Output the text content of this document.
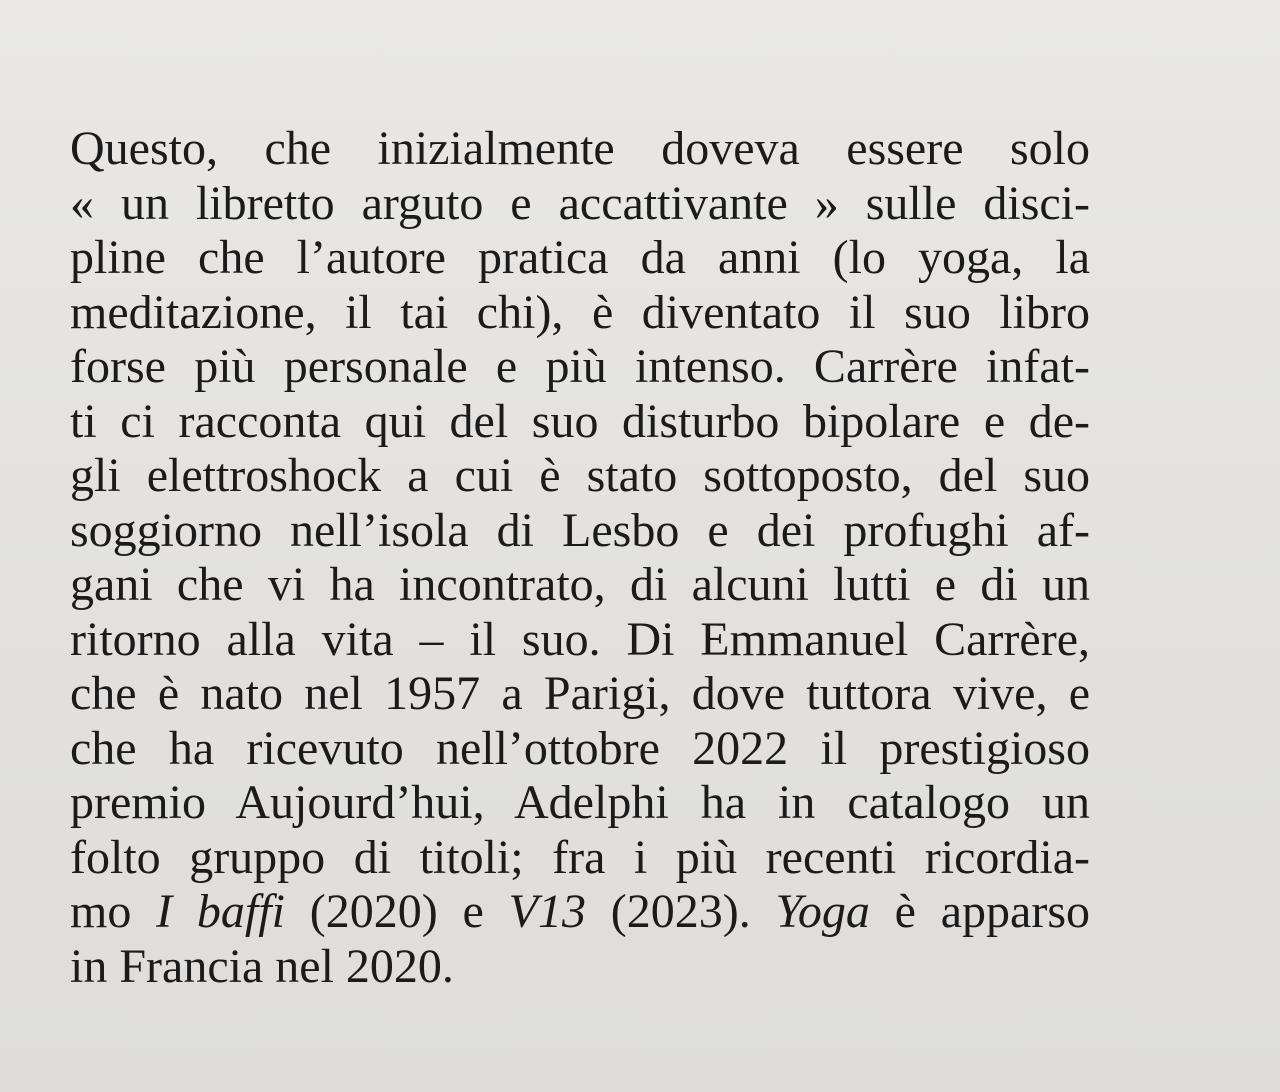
Questo, che inizialmente doveva essere solo
« un libretto arguto e accattivante » sulle disci-
pline che l’autore pratica da anni (lo yoga, la
meditazione, il tai chi), è diventato il suo libro
forse più personale e più intenso. Carrère infat-
ti ci racconta qui del suo disturbo bipolare e de-
gli elettroshock a cui è stato sottoposto, del suo
soggiorno nell’isola di Lesbo e dei profughi af-
gani che vi ha incontrato, di alcuni lutti e di un
ritorno alla vita – il suo. Di Emmanuel Carrère,
che è nato nel 1957 a Parigi, dove tuttora vive, e
che ha ricevuto nell’ottobre 2022 il prestigioso
premio Aujourd’hui, Adelphi ha in catalogo un
folto gruppo di titoli; fra i più recenti ricordia-
mo I baffi (2020) e V13 (2023). Yoga è apparso
in Francia nel 2020.
